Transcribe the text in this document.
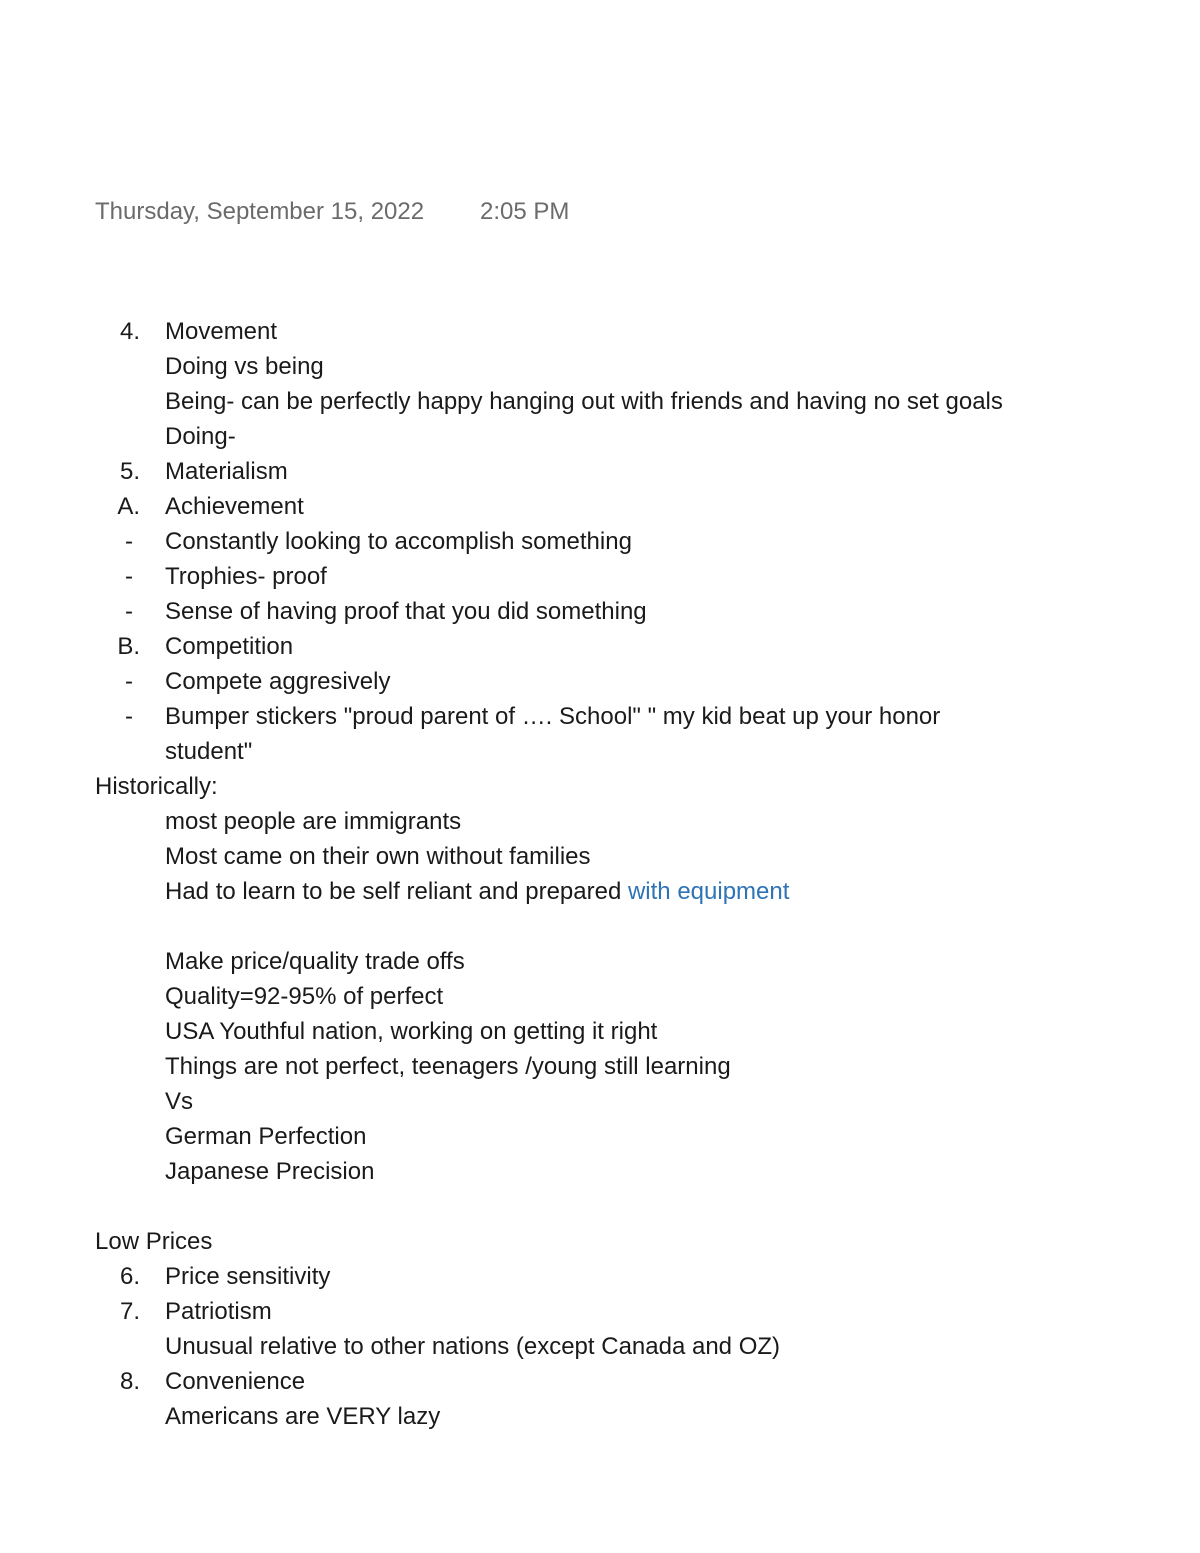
Thursday, September 15, 2022 2:05 PM
4. Movement
Doing vs being
Being- can be perfectly happy hanging out with friends and having no set goals
Doing-
5. Materialism
A. Achievement
- Constantly looking to accomplish something
- Trophies- proof
- Sense of having proof that you did something
B. Competition
- Compete aggresively
- Bumper stickers "proud parent of …. School" " my kid beat up your honor
student"
Historically:
most people are immigrants
Most came on their own without families
Had to learn to be self reliant and prepared with equipment
Make price/quality trade offs
Quality=92-95% of perfect
USA Youthful nation, working on getting it right
Things are not perfect, teenagers /young still learning
Vs
German Perfection
Japanese Precision
Low Prices
6. Price sensitivity
7. Patriotism
Unusual relative to other nations (except Canada and OZ)
8. Convenience
Americans are VERY lazy
